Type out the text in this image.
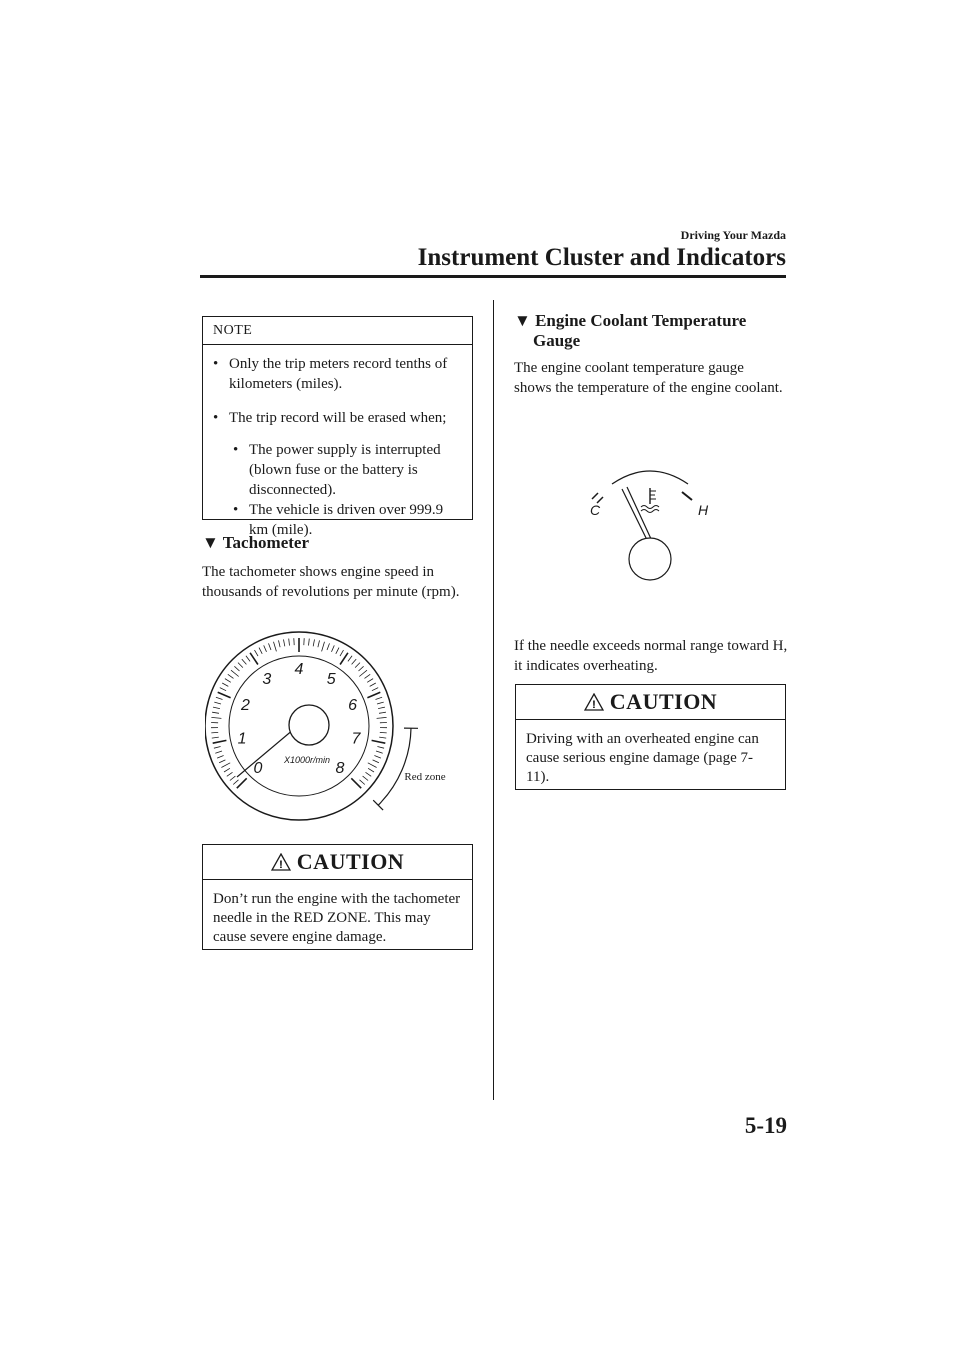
Driving Your Mazda
Instrument Cluster and Indicators
NOTE
• Only the trip meters record tenths of kilometers (miles).
• The trip record will be erased when;
• The power supply is interrupted (blown fuse or the battery is disconnected).
• The vehicle is driven over 999.9 km (mile).
▼ Tachometer
The tachometer shows engine speed in thousands of revolutions per minute (rpm).
0
1
2
3
4
5
6
7
8
X1000r/min
Red zone
! CAUTION
Don’t run the engine with the tachometer needle in the RED ZONE. This may cause severe engine damage.
▼ Engine Coolant Temperature
Gauge
The engine coolant temperature gauge shows the temperature of the engine coolant.
C	H
If the needle exceeds normal range toward H, it indicates overheating.
! CAUTION
Driving with an overheated engine can cause serious engine damage (page 7-11).
5-19
